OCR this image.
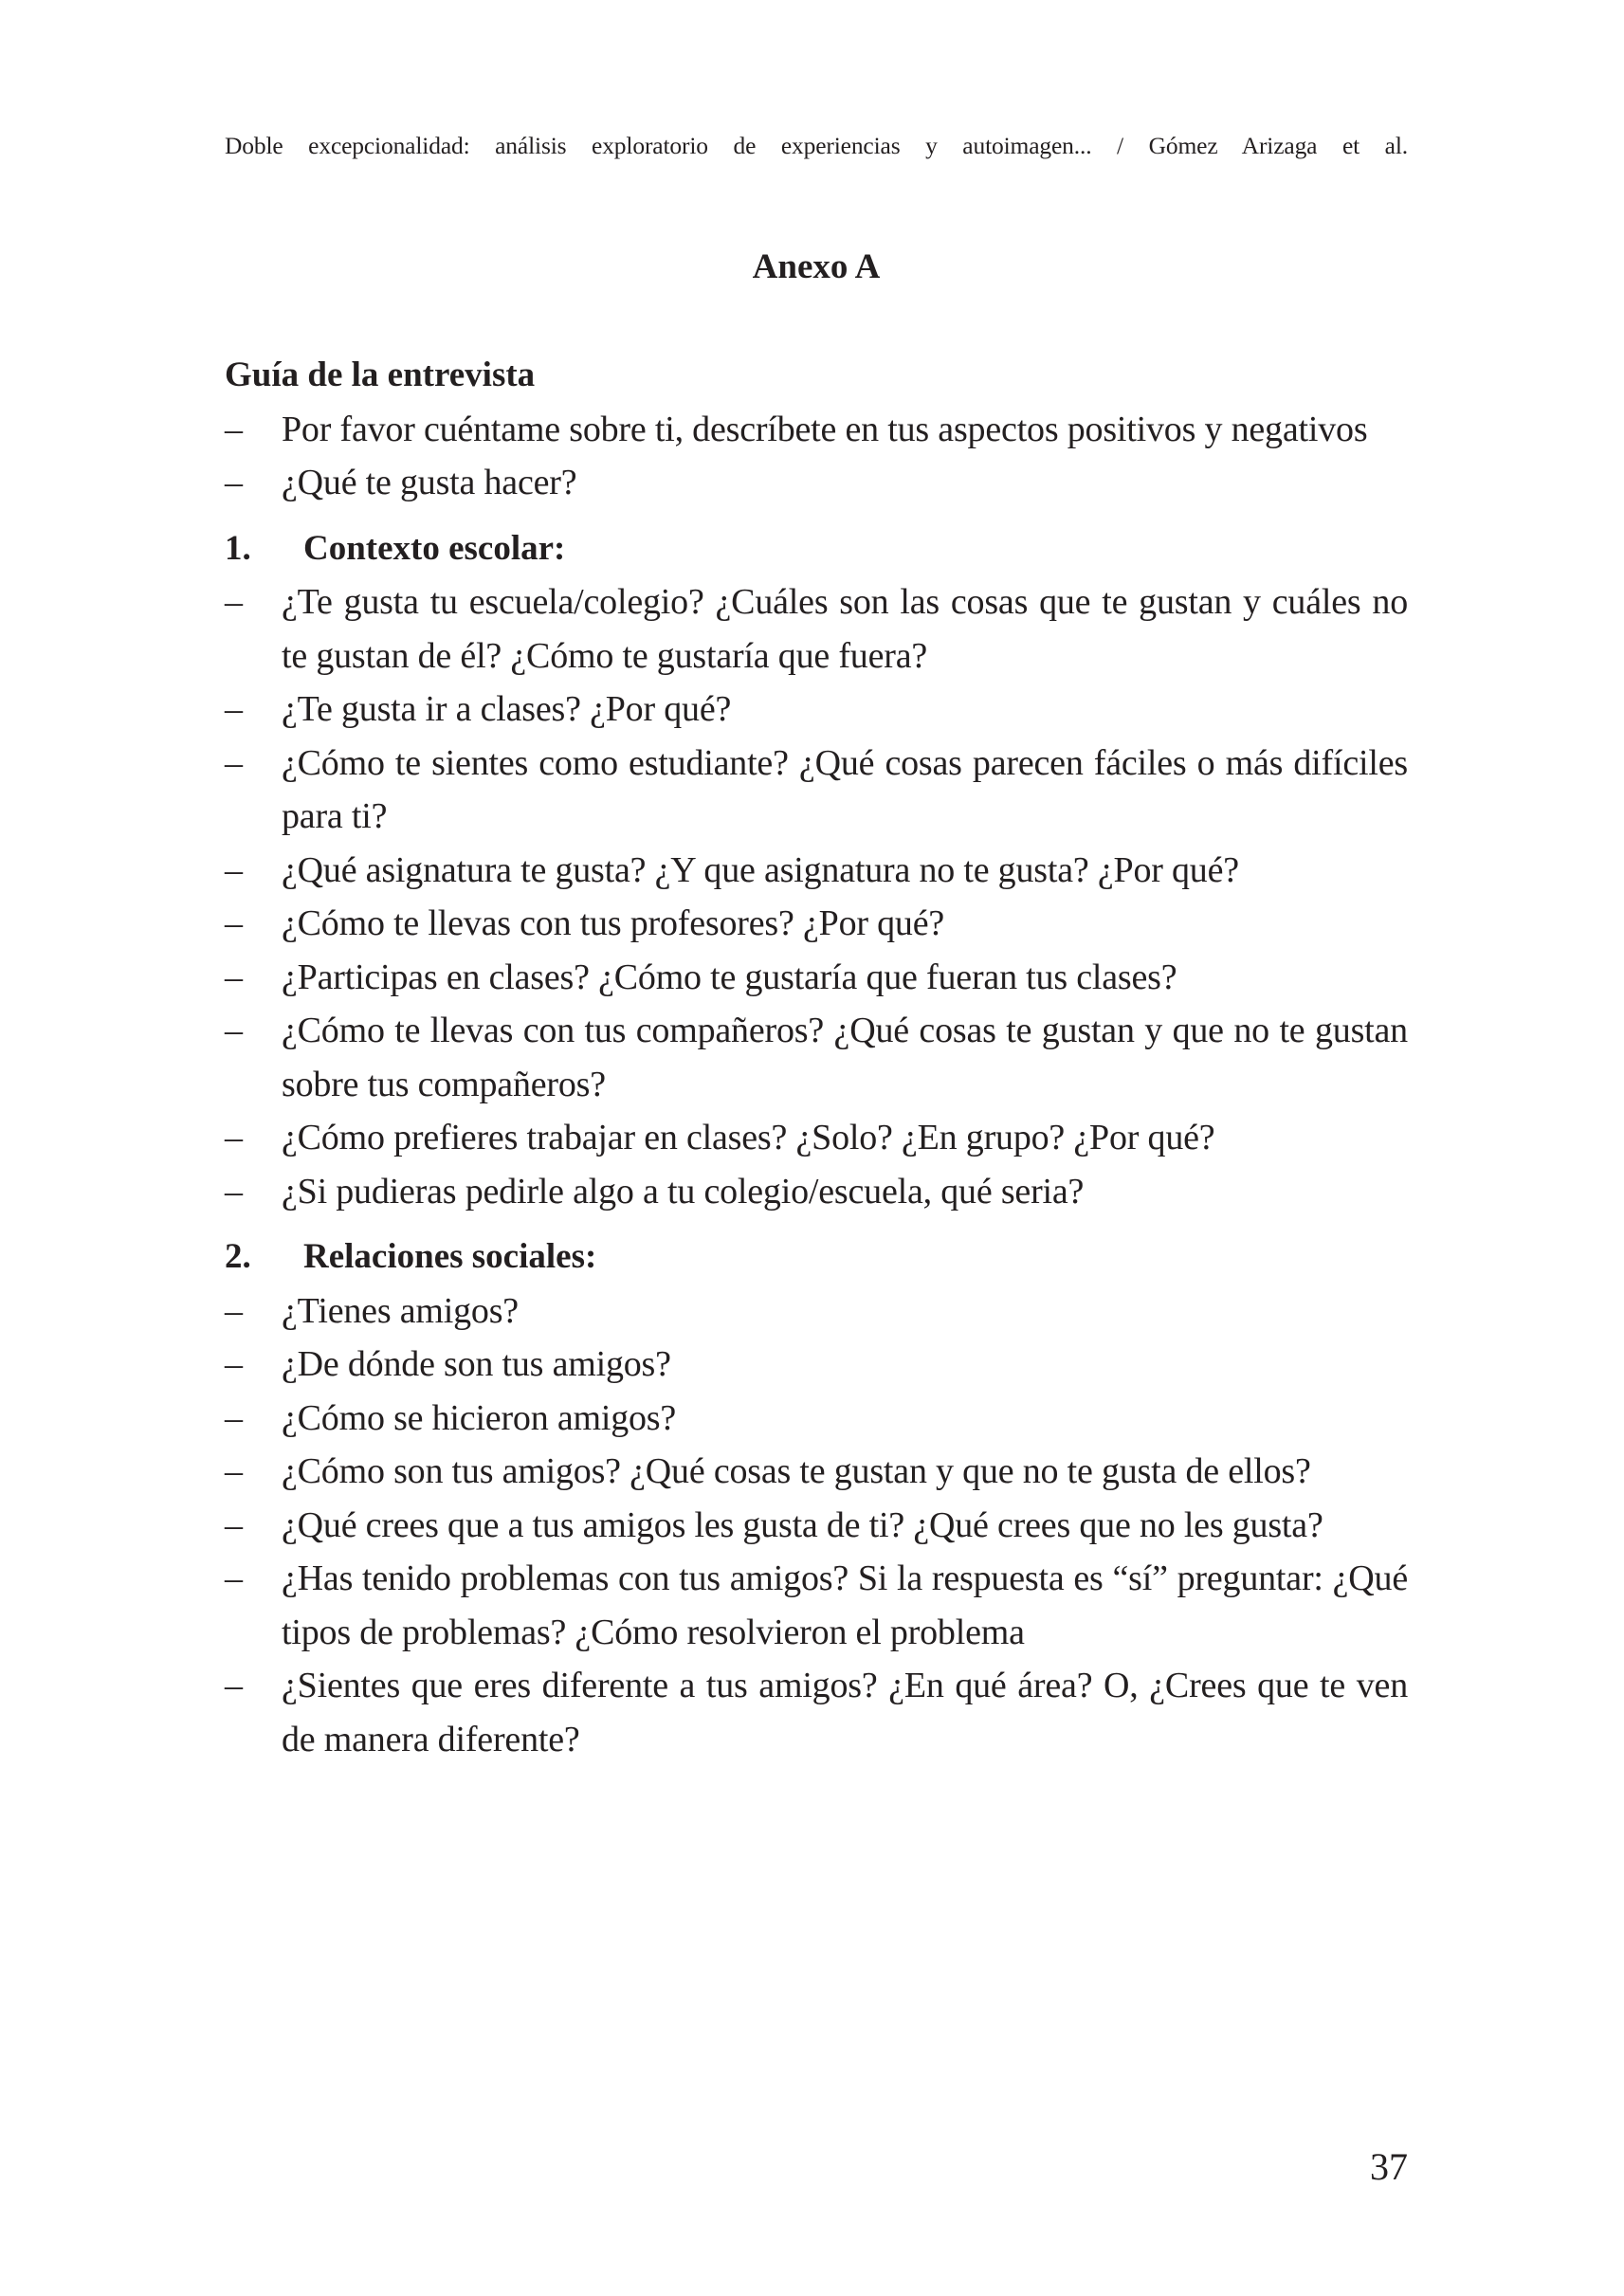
Doble excepcionalidad: análisis exploratorio de experiencias y autoimagen... / Gómez Arizaga et al.
Anexo A
Guía de la entrevista
–	Por favor cuéntame sobre ti, descríbete en tus aspectos positivos y negativos
–	¿Qué te gusta hacer?
1.	Contexto escolar:
–	¿Te gusta tu escuela/colegio? ¿Cuáles son las cosas que te gustan y cuáles no te gustan de él? ¿Cómo te gustaría que fuera?
–	¿Te gusta ir a clases? ¿Por qué?
–	¿Cómo te sientes como estudiante? ¿Qué cosas parecen fáciles o más difíciles para ti?
–	¿Qué asignatura te gusta? ¿Y que asignatura no te gusta? ¿Por qué?
–	¿Cómo te llevas con tus profesores? ¿Por qué?
–	¿Participas en clases? ¿Cómo te gustaría que fueran tus clases?
–	¿Cómo te llevas con tus compañeros? ¿Qué cosas te gustan y que no te gustan sobre tus compañeros?
–	¿Cómo prefieres trabajar en clases? ¿Solo? ¿En grupo? ¿Por qué?
–	¿Si pudieras pedirle algo a tu colegio/escuela, qué seria?
2.	Relaciones sociales:
–	¿Tienes amigos?
–	¿De dónde son tus amigos?
–	¿Cómo se hicieron amigos?
–	¿Cómo son tus amigos? ¿Qué cosas te gustan y que no te gusta de ellos?
–	¿Qué crees que a tus amigos les gusta de ti? ¿Qué crees que no les gusta?
–	¿Has tenido problemas con tus amigos? Si la respuesta es “sí” preguntar: ¿Qué tipos de problemas? ¿Cómo resolvieron el problema
–	¿Sientes que eres diferente a tus amigos? ¿En qué área? O, ¿Crees que te ven de manera diferente?
37
